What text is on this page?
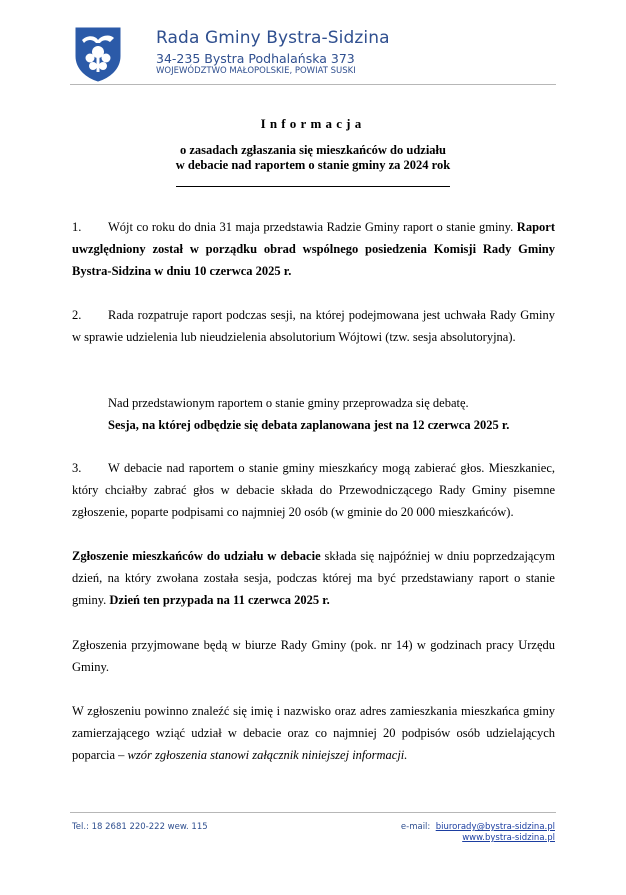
Rada Gminy Bystra-Sidzina
34-235 Bystra Podhalańska 373
WOJEWÓDZTWO MAŁOPOLSKIE, POWIAT SUSKI
Informacja
o zasadach zgłaszania się mieszkańców do udziału
w debacie nad raportem o stanie gminy za 2024 rok
1. Wójt co roku do dnia 31 maja przedstawia Radzie Gminy raport o stanie gminy. Raport uwzględniony został w porządku obrad wspólnego posiedzenia Komisji Rady Gminy Bystra-Sidzina w dniu 10 czerwca 2025 r.
2. Rada rozpatruje raport podczas sesji, na której podejmowana jest uchwała Rady Gminy w sprawie udzielenia lub nieudzielenia absolutorium Wójtowi (tzw. sesja absolutoryjna).
Nad przedstawionym raportem o stanie gminy przeprowadza się debatę.
Sesja, na której odbędzie się debata zaplanowana jest na 12 czerwca 2025 r.
3. W debacie nad raportem o stanie gminy mieszkańcy mogą zabierać głos. Mieszkaniec, który chciałby zabrać głos w debacie składa do Przewodniczącego Rady Gminy pisemne zgłoszenie, poparte podpisami co najmniej 20 osób (w gminie do 20 000 mieszkańców).
Zgłoszenie mieszkańców do udziału w debacie składa się najpóźniej w dniu poprzedzającym dzień, na który zwołana została sesja, podczas której ma być przedstawiany raport o stanie gminy. Dzień ten przypada na 11 czerwca 2025 r.
Zgłoszenia przyjmowane będą w biurze Rady Gminy (pok. nr 14) w godzinach pracy Urzędu Gminy.
W zgłoszeniu powinno znaleźć się imię i nazwisko oraz adres zamieszkania mieszkańca gminy zamierzającego wziąć udział w debacie oraz co najmniej 20 podpisów osób udzielających poparcia – wzór zgłoszenia stanowi załącznik niniejszej informacji.
Tel.: 18 2681 220-222 wew. 115	e-mail: biurorady@bystra-sidzina.pl
www.bystra-sidzina.pl
